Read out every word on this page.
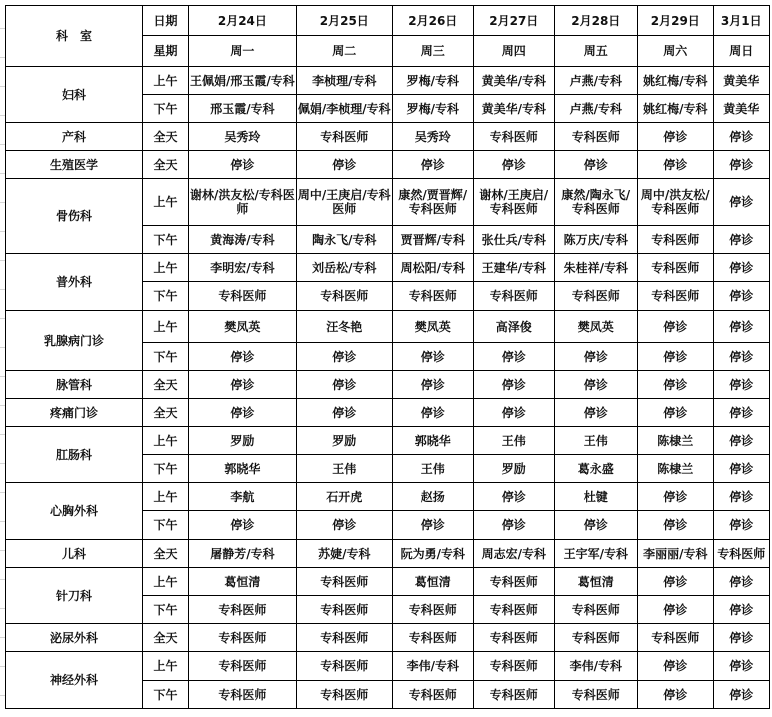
科　室	日期	2月24日	2月25日	2月26日	2月27日	2月28日	2月29日	3月1日
	星期	周一	周二	周三	周四	周五	周六	周日
妇科	上午	王佩娟/邢玉霞/专科	李桢理/专科	罗梅/专科	黄美华/专科	卢燕/专科	姚红梅/专科	黄美华
	下午	邢玉霞/专科	佩娟/李桢理/专科	罗梅/专科	黄美华/专科	卢燕/专科	姚红梅/专科	黄美华
产科	全天	吴秀玲	专科医师	吴秀玲	专科医师	专科医师	停诊	停诊
生殖医学	全天	停诊	停诊	停诊	停诊	停诊	停诊	停诊
骨伤科	上午	谢林/洪友松/专科医师	周中/王庚启/专科医师	康然/贾晋辉/　专科医师	谢林/王庚启/　专科医师	康然/陶永飞/　专科医师	周中/洪友松/　专科医师	停诊
	下午	黄海涛/专科	陶永飞/专科	贾晋辉/专科	张仕兵/专科	陈万庆/专科	专科医师	停诊
普外科	上午	李明宏/专科	刘岳松/专科	周松阳/专科	王建华/专科	朱桂祥/专科	专科医师	停诊
	下午	专科医师	专科医师	专科医师	专科医师	专科医师	专科医师	停诊
乳腺病门诊	上午	樊凤英	汪冬艳	樊凤英	高泽俊	樊凤英	停诊	停诊
	下午	停诊	停诊	停诊	停诊	停诊	停诊	停诊
脉管科	全天	停诊	停诊	停诊	停诊	停诊	停诊	停诊
疼痛门诊	全天	停诊	停诊	停诊	停诊	停诊	停诊	停诊
肛肠科	上午	罗励	罗励	郭晓华	王伟	王伟	陈棣兰	停诊
	下午	郭晓华	王伟	王伟	罗励	葛永盛	陈棣兰	停诊
心胸外科	上午	李航	石开虎	赵扬	停诊	杜键	停诊	停诊
	下午	停诊	停诊	停诊	停诊	停诊	停诊	停诊
儿科	全天	屠静芳/专科	苏婕/专科	阮为勇/专科	周志宏/专科	王宇军/专科	李丽丽/专科	专科医师
针刀科	上午	葛恒清	专科医师	葛恒清	专科医师	葛恒清	停诊	停诊
	下午	专科医师	专科医师	专科医师	专科医师	专科医师	停诊	停诊
泌尿外科	全天	专科医师	专科医师	专科医师	专科医师	专科医师	专科医师	停诊
神经外科	上午	专科医师	专科医师	李伟/专科	专科医师	李伟/专科	停诊	停诊
	下午	专科医师	专科医师	专科医师	专科医师	专科医师	停诊	停诊
